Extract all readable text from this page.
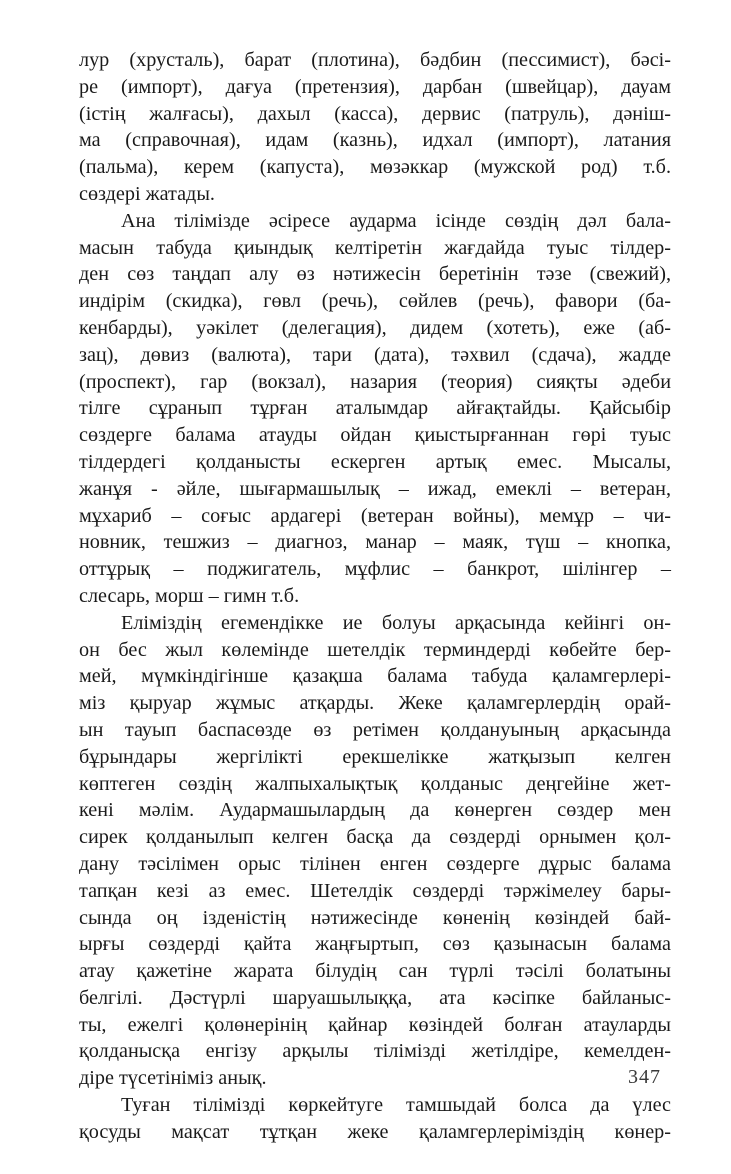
лур (хрусталь), барат (плотина), бәдбин (пессимист), бәсі-
ре (импорт), дағуа (претензия), дарбан (швейцар), дауам
(істің жалғасы), дахыл (касса), дервис (патруль), дәніш-
ма (справочная), идам (казнь), идхал (импорт), латания
(пальма), керем (капуста), мөзәккар (мужской род) т.б.
сөздері жатады.
Ана тілімізде әсіресе аударма ісінде сөздің дәл бала-
масын табуда қиындық келтіретін жағдайда туыс тілдер-
ден сөз таңдап алу өз нәтижесін беретінін тәзе (свежий),
индірім (скидка), гөвл (речь), сөйлев (речь), фавори (ба-
кенбарды), уәкілет (делегация), дидем (хотеть), еже (аб-
зац), дөвиз (валюта), тари (дата), тәхвил (сдача), жадде
(проспект), гар (вокзал), назария (теория) сияқты әдеби
тілге сұранып тұрған аталымдар айғақтайды. Қайсыбір
сөздерге балама атауды ойдан қиыстырғаннан гөрі туыс
тілдердегі қолданысты ескерген артық емес. Мысалы,
жанұя - әйле, шығармашылық – ижад, емеклі – ветеран,
мұхариб – соғыс ардагері (ветеран войны), мемұр – чи-
новник, тешжиз – диагноз, манар – маяк, түш – кнопка,
оттұрық – поджигатель, мұфлис – банкрот, шілінгер –
слесарь, морш – гимн т.б.
Еліміздің егемендікке ие болуы арқасында кейінгі он-
он бес жыл көлемінде шетелдік терминдерді көбейте бер-
мей, мүмкіндігінше қазақша балама табуда қаламгерлері-
міз қыруар жұмыс атқарды. Жеке қаламгерлердің орай-
ын тауып баспасөзде өз ретімен қолдануының арқасында
бұрындары жергілікті ерекшелікке жатқызып келген
көптеген сөздің жалпыхалықтық қолданыс деңгейіне жет-
кені мәлім. Аудармашылардың да көнерген сөздер мен
сирек қолданылып келген басқа да сөздерді орнымен қол-
дану тәсілімен орыс тілінен енген сөздерге дұрыс балама
тапқан кезі аз емес. Шетелдік сөздерді тәржімелеу бары-
сында оң ізденістің нәтижесінде көненің көзіндей бай-
ырғы сөздерді қайта жаңғыртып, сөз қазынасын балама
атау қажетіне жарата білудің сан түрлі тәсілі болатыны
белгілі. Дәстүрлі шаруашылыққа, ата кәсіпке байланыс-
ты, ежелгі қолөнерінің қайнар көзіндей болған атауларды
қолданысқа енгізу арқылы тілімізді жетілдіре, кемелден-
діре түсетініміз анық.
Туған тілімізді көркейтуге тамшыдай болса да үлес
қосуды мақсат тұтқан жеке қаламгерлеріміздің көнер-
347
